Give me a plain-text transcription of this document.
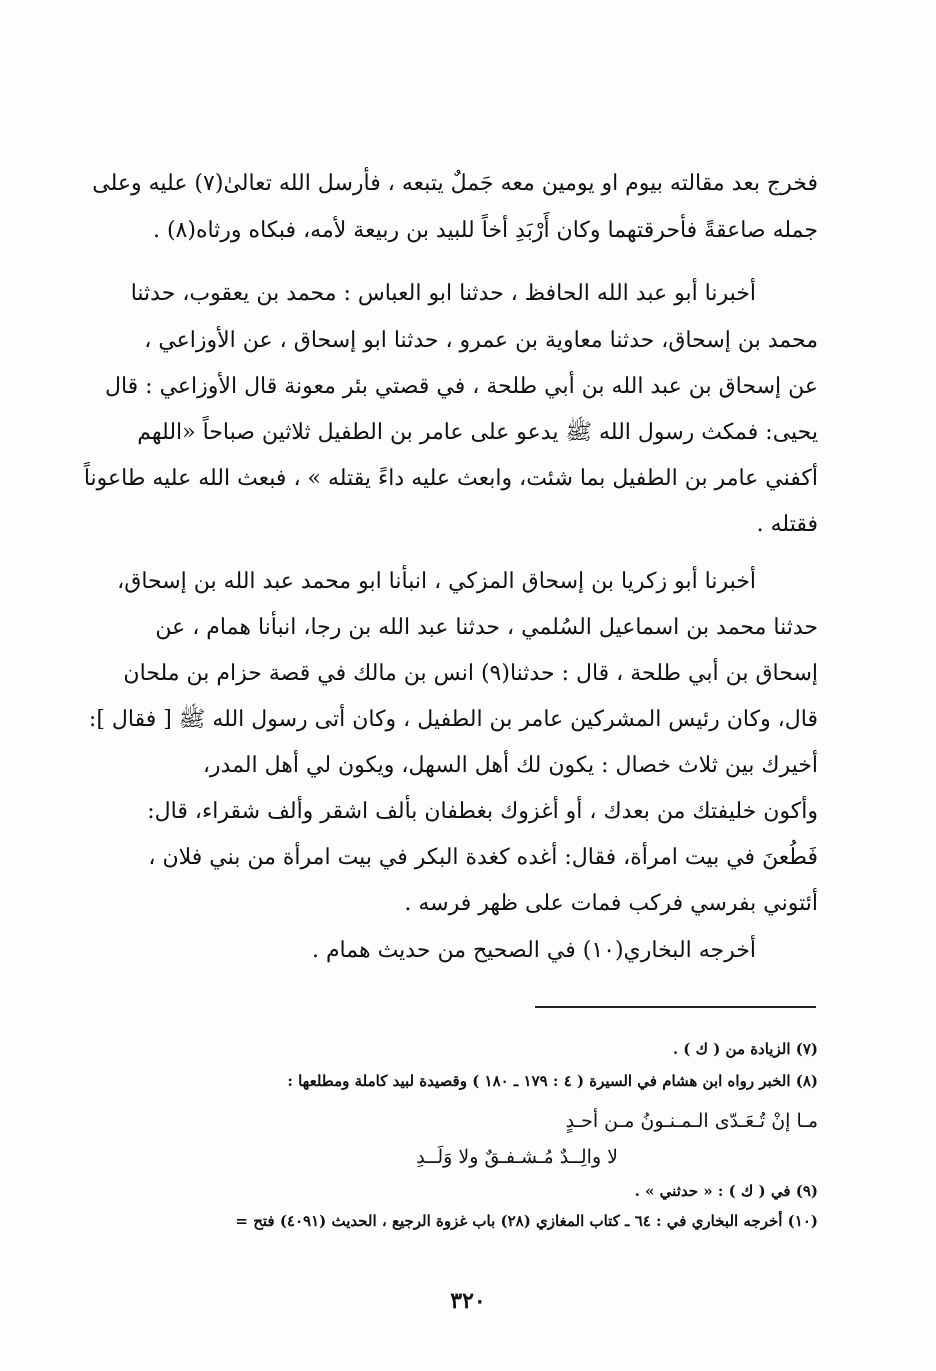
فخرج بعد مقالته بيوم او يومين معه جَملٌ يتبعه ، فأرسل الله تعالىٰ(٧) عليه وعلى
جمله صاعقةً فأحرقتهما وكان أَرْبَدِ أخاً للبيد بن ربيعة لأمه، فبكاه ورثاه(٨) .
أخبرنا أبو عبد الله الحافظ ، حدثنا ابو العباس : محمد بن يعقوب، حدثنا
محمد بن إسحاق، حدثنا معاوية بن عمرو ، حدثنا ابو إسحاق ، عن الأوزاعي ،
عن إسحاق بن عبد الله بن أبي طلحة ، في قصتي بئر معونة قال الأوزاعي : قال
يحيى: فمكث رسول الله ﷺ يدعو على عامر بن الطفيل ثلاثين صباحاً «اللهم
أكفني عامر بن الطفيل بما شئت، وابعث عليه داءً يقتله » ، فبعث الله عليه طاعوناً
فقتله .
أخبرنا أبو زكريا بن إسحاق المزكي ، انبأنا ابو محمد عبد الله بن إسحاق،
حدثنا محمد بن اسماعيل السُلمي ، حدثنا عبد الله بن رجا، انبأنا همام ، عن
إسحاق بن أبي طلحة ، قال : حدثنا(٩) انس بن مالك في قصة حزام بن ملحان
قال، وكان رئيس المشركين عامر بن الطفيل ، وكان أتى رسول الله ﷺ [ فقال ]:
أخيرك بين ثلاث خصال : يكون لك أهل السهل، ويكون لي أهل المدر،
وأكون خليفتك من بعدك ، أو أغزوك بغطفان بألف اشقر وألف شقراء، قال:
فَطُعنَ في بيت امرأة، فقال: أغده كغدة البكر في بيت امرأة من بني فلان ،
أئتوني بفرسي فركب فمات على ظهر فرسه .
أخرجه البخاري(١٠) في الصحيح من حديث همام .
(٧) الزيادة من ( ك ) .
(٨) الخبر رواه ابن هشام في السيرة ( ٤ : ١٧٩ ـ ١٨٠ ) وقصيدة لبيد كاملة ومطلعها :
مـا إنْ تُـعَـدّى الـمـنـونُ مـن أحـدٍ
لا والِــدٌ مُـشـفـقٌ ولا وَلَــدِ
(٩) في ( ك ) : « حدثني » .
(١٠) أخرجه البخاري في : ٦٤ ـ كتاب المغازي (٢٨) باب غزوة الرجيع ، الحديث (٤٠٩١) فتح =
٣٢٠
